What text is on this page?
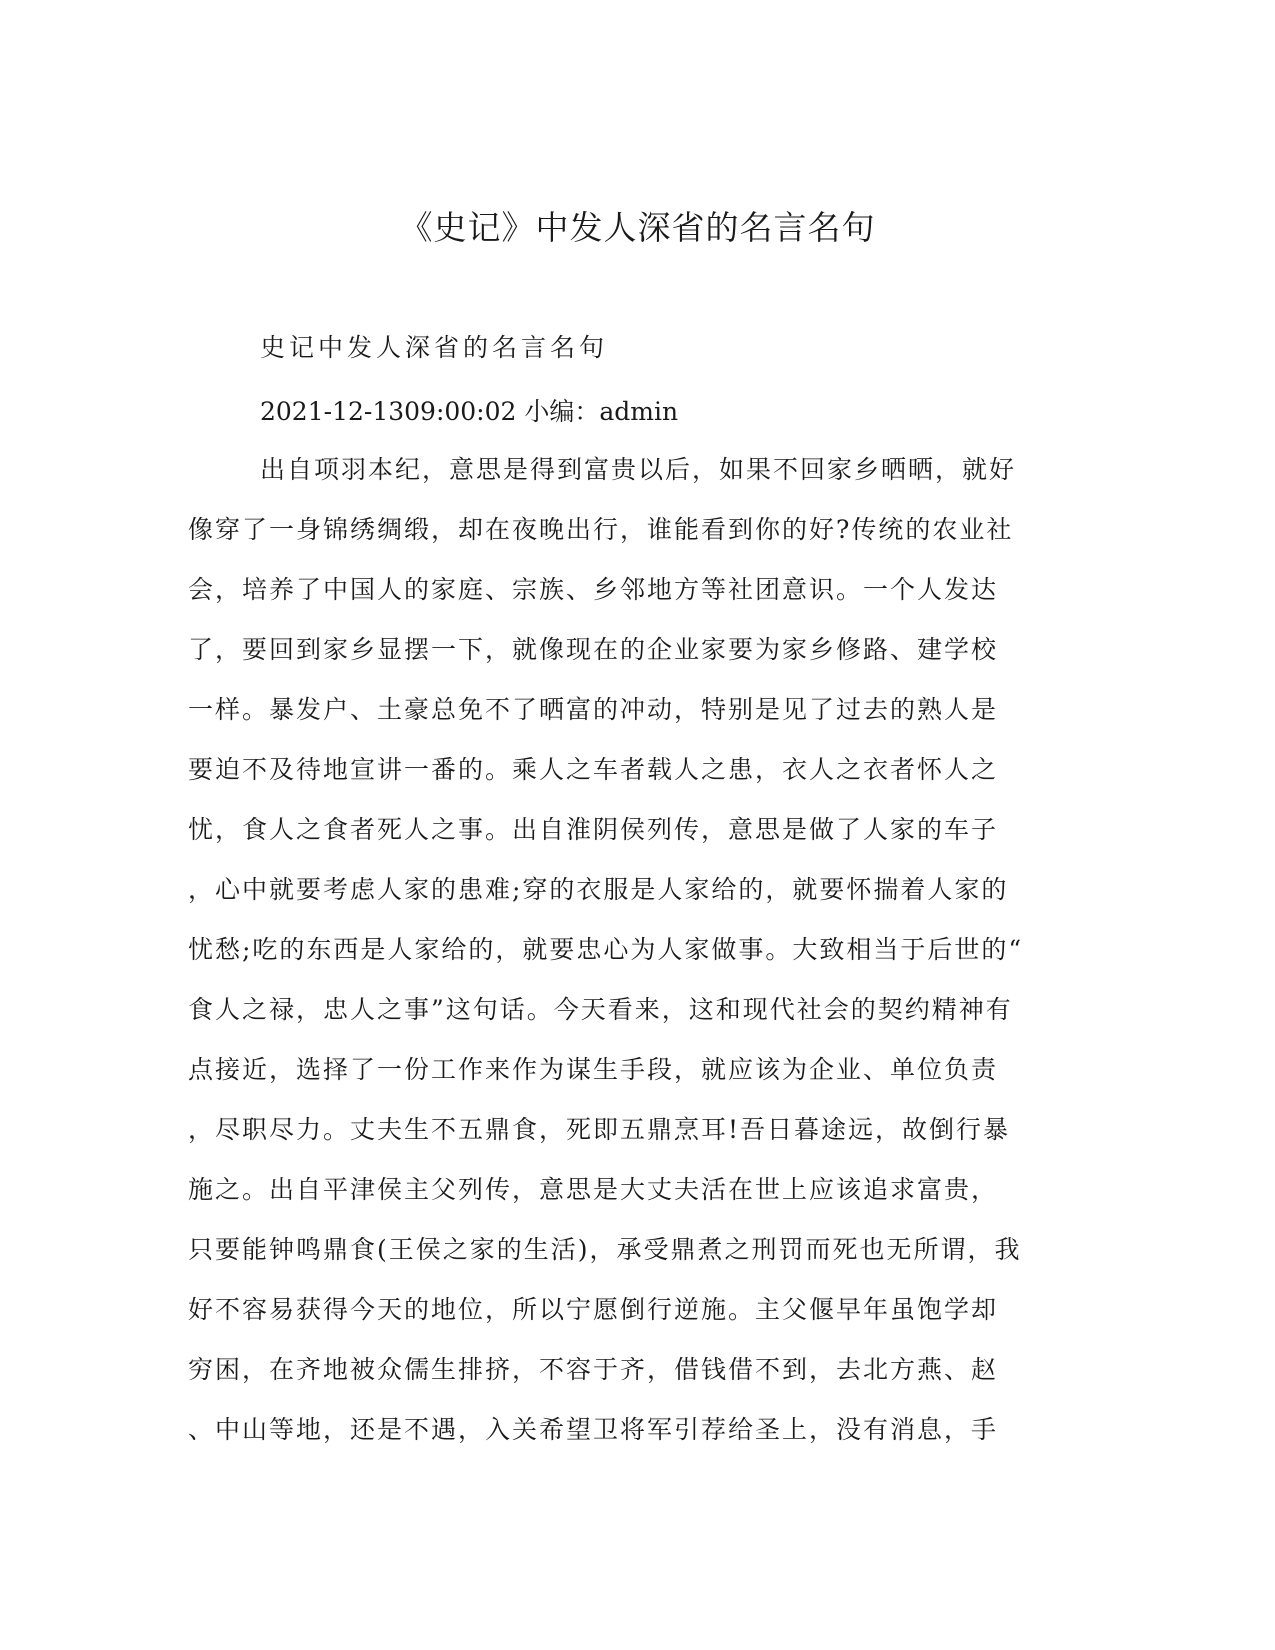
《史记》中发人深省的名言名句

史记中发人深省的名言名句

2021-12-1309:00:02 小编：admin

出自项羽本纪，意思是得到富贵以后，如果不回家乡晒晒，就好
像穿了一身锦绣绸缎，却在夜晚出行，谁能看到你的好?传统的农业社
会，培养了中国人的家庭、宗族、乡邻地方等社团意识。一个人发达
了，要回到家乡显摆一下，就像现在的企业家要为家乡修路、建学校
一样。暴发户、土豪总免不了晒富的冲动，特别是见了过去的熟人是
要迫不及待地宣讲一番的。乘人之车者载人之患，衣人之衣者怀人之
忧，食人之食者死人之事。出自淮阴侯列传，意思是做了人家的车子
，心中就要考虑人家的患难;穿的衣服是人家给的，就要怀揣着人家的
忧愁;吃的东西是人家给的，就要忠心为人家做事。大致相当于后世的“
食人之禄，忠人之事”这句话。今天看来，这和现代社会的契约精神有
点接近，选择了一份工作来作为谋生手段，就应该为企业、单位负责
，尽职尽力。丈夫生不五鼎食，死即五鼎烹耳!吾日暮途远，故倒行暴
施之。出自平津侯主父列传，意思是大丈夫活在世上应该追求富贵，
只要能钟鸣鼎食(王侯之家的生活)，承受鼎煮之刑罚而死也无所谓，我
好不容易获得今天的地位，所以宁愿倒行逆施。主父偃早年虽饱学却
穷困，在齐地被众儒生排挤，不容于齐，借钱借不到，去北方燕、赵
、中山等地，还是不遇，入关希望卫将军引荐给圣上，没有消息，手
